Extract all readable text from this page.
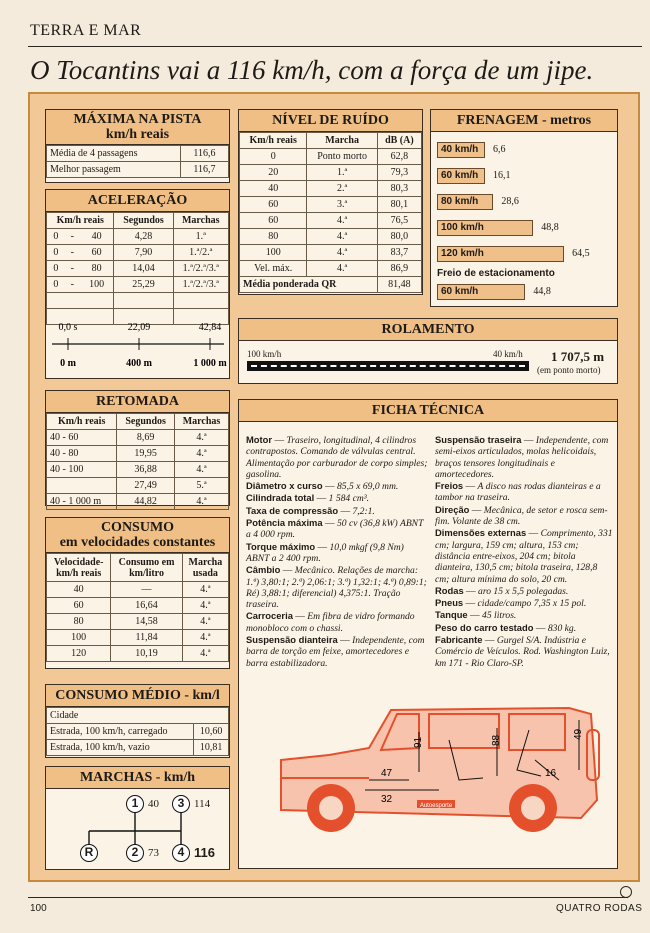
TERRA E MAR
O Tocantins vai a 116 km/h, com a força de um jipe.
MÁXIMA NA PISTA
km/h reais
Média de 4 passagens	116,6
Melhor passagem	116,7
ACELERAÇÃO
Km/h reais			Segundos	Marchas
0	-	40	4,28	1.ª
0	-	60	7,90	1.ª/2.ª
0	-	80	14,04	1.ª/2.ª/3.ª
0	-	100	25,29	1.ª/2.ª/3.ª

0,0 s	22,09	42,84
0 m	400 m	1 000 m
RETOMADA
Km/h reais	Segundos	Marchas
40 - 60	8,69	4.ª
40 - 80	19,95	4.ª
40 - 100	36,88	4.ª
	27,49	5.ª
40 - 1 000 m	44,82	4.ª
CONSUMO
em velocidades constantes
Velocidade-
km/h reais	Consumo em
km/litro	Marcha
usada
40	—	4.ª
60	16,64	4.ª
80	14,58	4.ª
100	11,84	4.ª
120	10,19	4.ª
CONSUMO MÉDIO - km/l
Cidade	
Estrada, 100 km/h, carregado	10,60
Estrada, 100 km/h, vazio	10,81
MARCHAS - km/h
1 40	3 114
R	2 73	4 116
NÍVEL DE RUÍDO
Km/h reais	Marcha	dB (A)
0	Ponto morto	62,8
20	1.ª	79,3
40	2.ª	80,3
60	3.ª	80,1
60	4.ª	76,5
80	4.ª	80,0
100	4.ª	83,7
Vel. máx.	4.ª	86,9
Média ponderada QR		81,48
FRENAGEM - metros
40 km/h	6,6
60 km/h	16,1
80 km/h	28,6
100 km/h	48,8
120 km/h	64,5
60 km/h	44,8
Freio de estacionamento
ROLAMENTO
100 km/h	40 km/h 1 707,5 m
(em ponto morto)
FICHA TÉCNICA

Motor — Traseiro, longitudinal, 4 cilindros contrapostos. Comando de válvulas central. Alimentação por carburador de corpo simples; gasolina.

Diâmetro x curso — 85,5 x 69,0 mm.

Cilindrada total — 1 584 cm³.

Taxa de compressão — 7,2:1.

Potência máxima — 50 cv (36,8 kW) ABNT a 4 000 rpm.

Torque máximo — 10,0 mkgf (9,8 Nm) ABNT a 2 400 rpm.

Câmbio — Mecânico. Relações de marcha: 1.ª) 3,80:1; 2.ª) 2,06:1; 3.ª) 1,32:1; 4.ª) 0,89:1; Ré) 3,88:1; diferencial) 4,375:1. Tração traseira.

Carroceria — Em fibra de vidro formando monobloco com o chassi.

Suspensão dianteira — Independente, com barra de torção em feixe, amortecedores e barra estabilizadora.

Suspensão traseira — Independente, com semi-eixos articulados, molas helicoidais, braços tensores longitudinais e amortecedores.

Freios — A disco nas rodas dianteiras e a tambor na traseira.

Direção — Mecânica, de setor e rosca sem-fim. Volante de 38 cm.

Dimensões externas — Comprimento, 331 cm; largura, 159 cm; altura, 153 cm; distância entre-eixos, 204 cm; bitola dianteira, 130,5 cm; bitola traseira, 128,8 cm; altura mínima do solo, 20 cm.

Rodas — aro 15 x 5,5 polegadas.

Pneus — cidade/campo 7,35 x 15 pol.

Tanque — 45 litros.

Peso do carro testado — 830 kg.

Fabricante — Gurgel S/A. Indústria e Comércio de Veículos. Rod. Washington Luiz, km 171 - Rio Claro-SP.

91	88
47
32
16
49
Autoesporte
100	QUATRO RODAS
